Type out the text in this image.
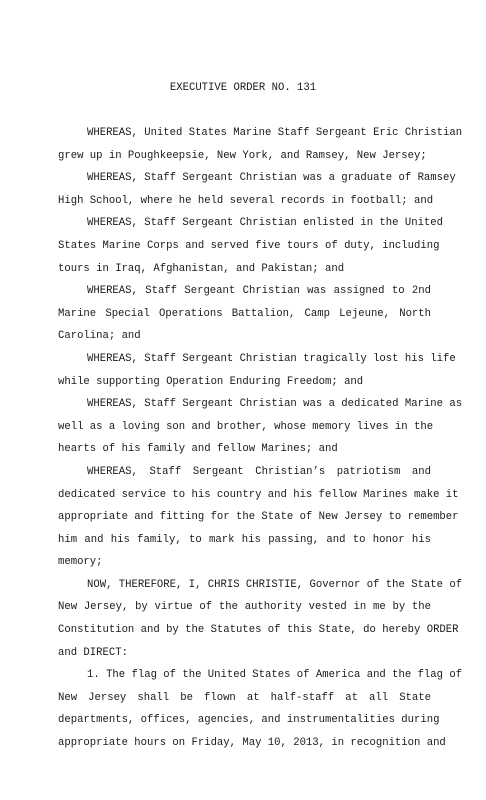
EXECUTIVE ORDER NO. 131
WHEREAS, United States Marine Staff Sergeant Eric Christian
grew up in Poughkeepsie, New York, and Ramsey, New Jersey;
WHEREAS, Staff Sergeant Christian was a graduate of Ramsey
High School, where he held several records in football; and
WHEREAS, Staff Sergeant Christian enlisted in the United
States Marine Corps and served five tours of duty, including
tours in Iraq, Afghanistan, and Pakistan; and
WHEREAS, Staff Sergeant Christian was assigned to 2nd
Marine Special Operations Battalion, Camp Lejeune, North
Carolina; and
WHEREAS, Staff Sergeant Christian tragically lost his life
while supporting Operation Enduring Freedom; and
WHEREAS, Staff Sergeant Christian was a dedicated Marine as
well as a loving son and brother, whose memory lives in the
hearts of his family and fellow Marines; and
WHEREAS, Staff Sergeant Christian’s patriotism and
dedicated service to his country and his fellow Marines make it
appropriate and fitting for the State of New Jersey to remember
him and his family, to mark his passing, and to honor his
memory;
NOW, THEREFORE, I, CHRIS CHRISTIE, Governor of the State of
New Jersey, by virtue of the authority vested in me by the
Constitution and by the Statutes of this State, do hereby ORDER
and DIRECT:
1. The flag of the United States of America and the flag of
New Jersey shall be flown at half-staff at all State
departments, offices, agencies, and instrumentalities during
appropriate hours on Friday, May 10, 2013, in recognition and
